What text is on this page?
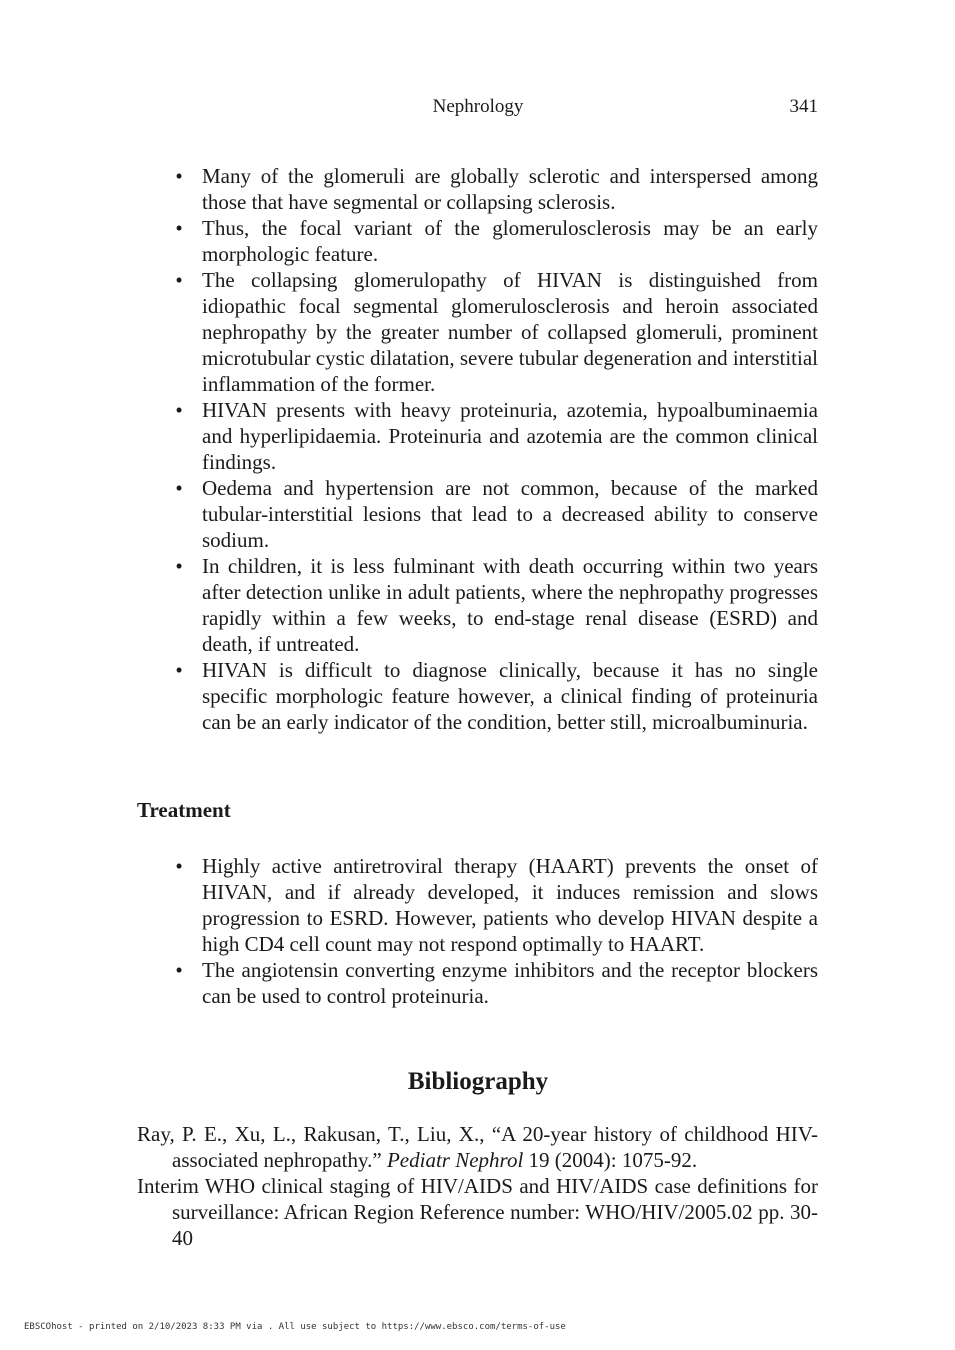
Nephrology	341
• Many of the glomeruli are globally sclerotic and interspersed among those that have segmental or collapsing sclerosis.
• Thus, the focal variant of the glomerulosclerosis may be an early morphologic feature.
• The collapsing glomerulopathy of HIVAN is distinguished from idiopathic focal segmental glomerulosclerosis and heroin associated nephropathy by the greater number of collapsed glomeruli, prominent microtubular cystic dilatation, severe tubular degeneration and interstitial inflammation of the former.
• HIVAN presents with heavy proteinuria, azotemia, hypoalbuminaemia and hyperlipidaemia. Proteinuria and azotemia are the common clinical findings.
• Oedema and hypertension are not common, because of the marked tubular-interstitial lesions that lead to a decreased ability to conserve sodium.
• In children, it is less fulminant with death occurring within two years after detection unlike in adult patients, where the nephropathy progresses rapidly within a few weeks, to end-stage renal disease (ESRD) and death, if untreated.
• HIVAN is difficult to diagnose clinically, because it has no single specific morphologic feature however, a clinical finding of proteinuria can be an early indicator of the condition, better still, microalbuminuria.
Treatment
• Highly active antiretroviral therapy (HAART) prevents the onset of HIVAN, and if already developed, it induces remission and slows progression to ESRD. However, patients who develop HIVAN despite a high CD4 cell count may not respond optimally to HAART.
• The angiotensin converting enzyme inhibitors and the receptor blockers can be used to control proteinuria.
Bibliography

Ray, P. E., Xu, L., Rakusan, T., Liu, X., “A 20-year history of childhood HIV-associated nephropathy.” Pediatr Nephrol 19 (2004): 1075-92.

Interim WHO clinical staging of HIV/AIDS and HIV/AIDS case definitions for surveillance: African Region Reference number: WHO/HIV/2005.02 pp. 30-40

EBSCOhost - printed on 2/10/2023 8:33 PM via . All use subject to https://www.ebsco.com/terms-of-use
